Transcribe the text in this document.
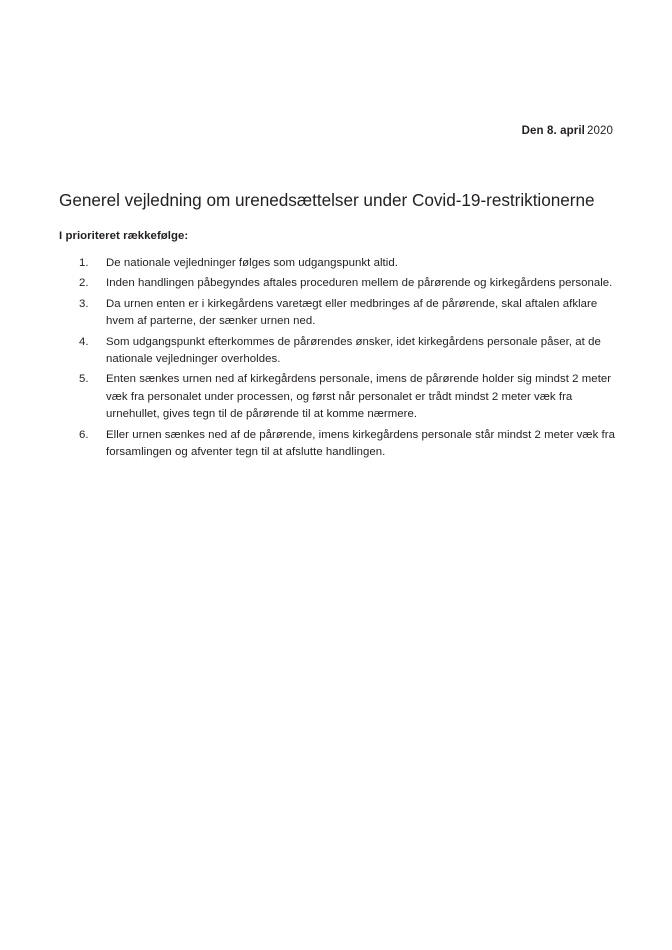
Den 8. april 2020
Generel vejledning om urenedsættelser under Covid-19-restriktionerne

I prioriteret rækkefølge:

1.	De nationale vejledninger følges som udgangspunkt altid.
2.	Inden handlingen påbegyndes aftales proceduren mellem de pårørende og kirkegårdens personale.
3.	Da urnen enten er i kirkegårdens varetægt eller medbringes af de pårørende, skal aftalen afklare hvem af parterne, der sænker urnen ned.
4.	Som udgangspunkt efterkommes de pårørendes ønsker, idet kirkegårdens personale påser, at de nationale vejledninger overholdes.
5.	Enten sænkes urnen ned af kirkegårdens personale, imens de pårørende holder sig mindst 2 meter væk fra personalet under processen, og først når personalet er trådt mindst 2 meter væk fra urnehullet, gives tegn til de pårørende til at komme nærmere.
6.	Eller urnen sænkes ned af de pårørende, imens kirkegårdens personale står mindst 2 meter væk fra forsamlingen og afventer tegn til at afslutte handlingen.
